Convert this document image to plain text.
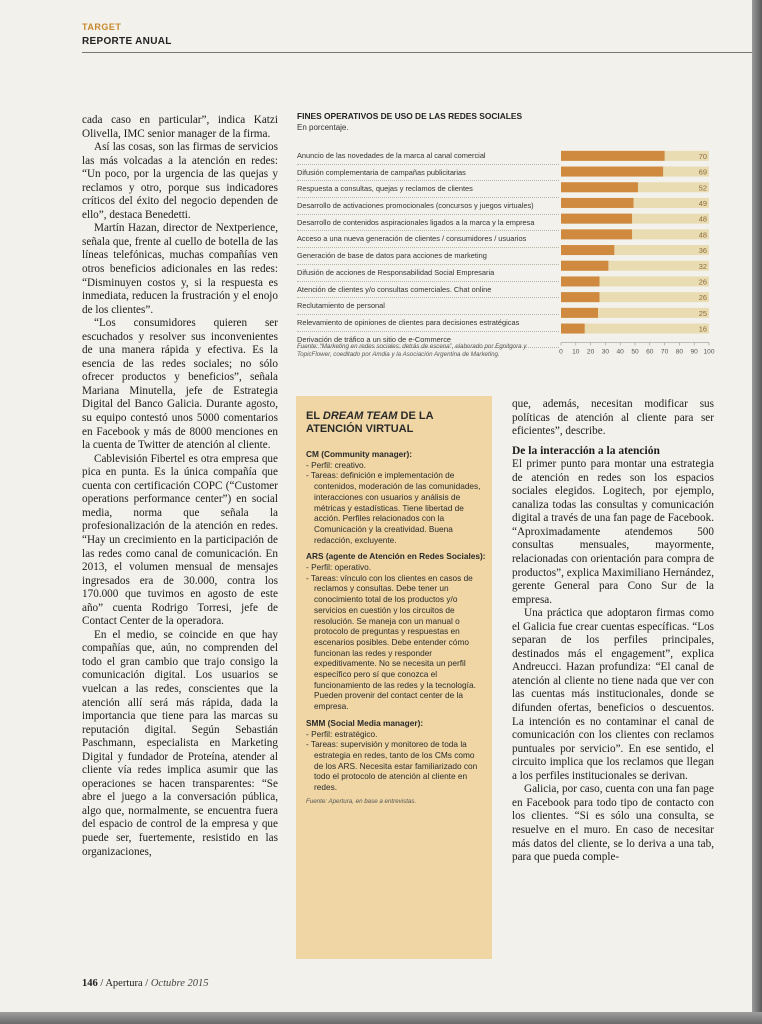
TARGET
REPORTE ANUAL

cada caso en particular”, indica Katzi Olivella, IMC senior manager de la firma.

Así las cosas, son las firmas de servicios las más volcadas a la atención en redes: “Un poco, por la urgencia de las quejas y reclamos y otro, porque sus indicadores críticos del éxito del negocio dependen de ello”, destaca Benedetti.

Martín Hazan, director de Nextperience, señala que, frente al cuello de botella de las líneas telefónicas, muchas compañías ven otros beneficios adicionales en las redes: “Disminuyen costos y, si la respuesta es inmediata, reducen la frustración y el enojo de los clientes”.

“Los consumidores quieren ser escuchados y resolver sus inconvenientes de una manera rápida y efectiva. Es la esencia de las redes sociales; no sólo ofrecer productos y beneficios”, señala Mariana Minutella, jefe de Estrategia Digital del Banco Galicia. Durante agosto, su equipo contestó unos 5000 comentarios en Facebook y más de 8000 menciones en la cuenta de Twitter de atención al cliente.

Cablevisión Fibertel es otra empresa que pica en punta. Es la única compañía que cuenta con certificación COPC (“Customer operations performance center”) en social media, norma que señala la profesionalización de la atención en redes. “Hay un crecimiento en la participación de las redes como canal de comunicación. En 2013, el volumen mensual de mensajes ingresados era de 30.000, contra los 170.000 que tuvimos en agosto de este año” cuenta Rodrigo Torresi, jefe de Contact Center de la operadora.

En el medio, se coincide en que hay compañías que, aún, no comprenden del todo el gran cambio que trajo consigo la comunicación digital. Los usuarios se vuelcan a las redes, conscientes que la atención allí será más rápida, dada la importancia que tiene para las marcas su reputación digital. Según Sebastián Paschmann, especialista en Marketing Digital y fundador de Proteína, atender al cliente vía redes implica asumir que las operaciones se hacen transparentes: “Se abre el juego a la conversación pública, algo que, normalmente, se encuentra fuera del espacio de control de la empresa y que puede ser, fuertemente, resistido en las organizaciones,

FINES OPERATIVOS DE USO DE LAS REDES SOCIALES
En porcentaje.
Anuncio de las novedades de la marca al canal comercial
Difusión complementaria de campañas publicitarias
Respuesta a consultas, quejas y reclamos de clientes
Desarrollo de activaciones promocionales (concursos y juegos virtuales)
Desarrollo de contenidos aspiracionales ligados a la marca y la empresa
Acceso a una nueva generación de clientes / consumidores / usuarios
Generación de base de datos para acciones de marketing
Difusión de acciones de Responsabilidad Social Empresaria
Atención de clientes y/o consultas comerciales. Chat online
Reclutamiento de personal
Relevamiento de opiniones de clientes para decisiones estratégicas
Derivación de tráfico a un sitio de e-Commerce
70
69
52
49
48
48
36
32
26
26
25
16
0 10 20 30 40 50 60 70 80 90 100
Fuente: “Marketing en redes sociales: detrás de escena”, elaborado por Egnitgora y TopicFlower, coeditado por Amdia y la Asociación Argentina de Marketing.
EL DREAM TEAM DE LA ATENCIÓN VIRTUAL
CM (Community manager):
- Perfil: creativo.
- Tareas: definición e implementación de contenidos, moderación de las comunidades, interacciones con usuarios y análisis de métricas y estadísticas. Tiene libertad de acción. Perfiles relacionados con la Comunicación y la creatividad. Buena redacción, excluyente.
ARS (agente de Atención en Redes Sociales):
- Perfil: operativo.
- Tareas: vínculo con los clientes en casos de reclamos y consultas. Debe tener un conocimiento total de los productos y/o servicios en cuestión y los circuitos de resolución. Se maneja con un manual o protocolo de preguntas y respuestas en escenarios posibles. Debe entender cómo funcionan las redes y responder expeditivamente. No se necesita un perfil específico pero sí que conozca el funcionamiento de las redes y la tecnología. Pueden provenir del contact center de la empresa.
SMM (Social Media manager):
- Perfil: estratégico.
- Tareas: supervisión y monitoreo de toda la estrategia en redes, tanto de los CMs como de los ARS. Necesita estar familiarizado con todo el protocolo de atención al cliente en redes.
Fuente: Apertura, en base a entrevistas.

que, además, necesitan modificar sus políticas de atención al cliente para ser eficientes”, describe.

De la interacción a la atención

El primer punto para montar una estrategia de atención en redes son los espacios sociales elegidos. Logitech, por ejemplo, canaliza todas las consultas y comunicación digital a través de una fan page de Facebook. “Aproximadamente atendemos 500 consultas mensuales, mayormente, relacionadas con orientación para compra de productos”, explica Maximiliano Hernández, gerente General para Cono Sur de la empresa.

Una práctica que adoptaron firmas como el Galicia fue crear cuentas específicas. “Los separan de los perfiles principales, destinados más el engagement”, explica Andreucci. Hazan profundiza: “El canal de atención al cliente no tiene nada que ver con las cuentas más institucionales, donde se difunden ofertas, beneficios o descuentos. La intención es no contaminar el canal de comunicación con los clientes con reclamos puntuales por servicio”. En ese sentido, el circuito implica que los reclamos que llegan a los perfiles institucionales se derivan.

Galicia, por caso, cuenta con una fan page en Facebook para todo tipo de contacto con los clientes. “Si es sólo una consulta, se resuelve en el muro. En caso de necesitar más datos del cliente, se lo deriva a una tab, para que pueda comple-

146 / Apertura / Octubre 2015
